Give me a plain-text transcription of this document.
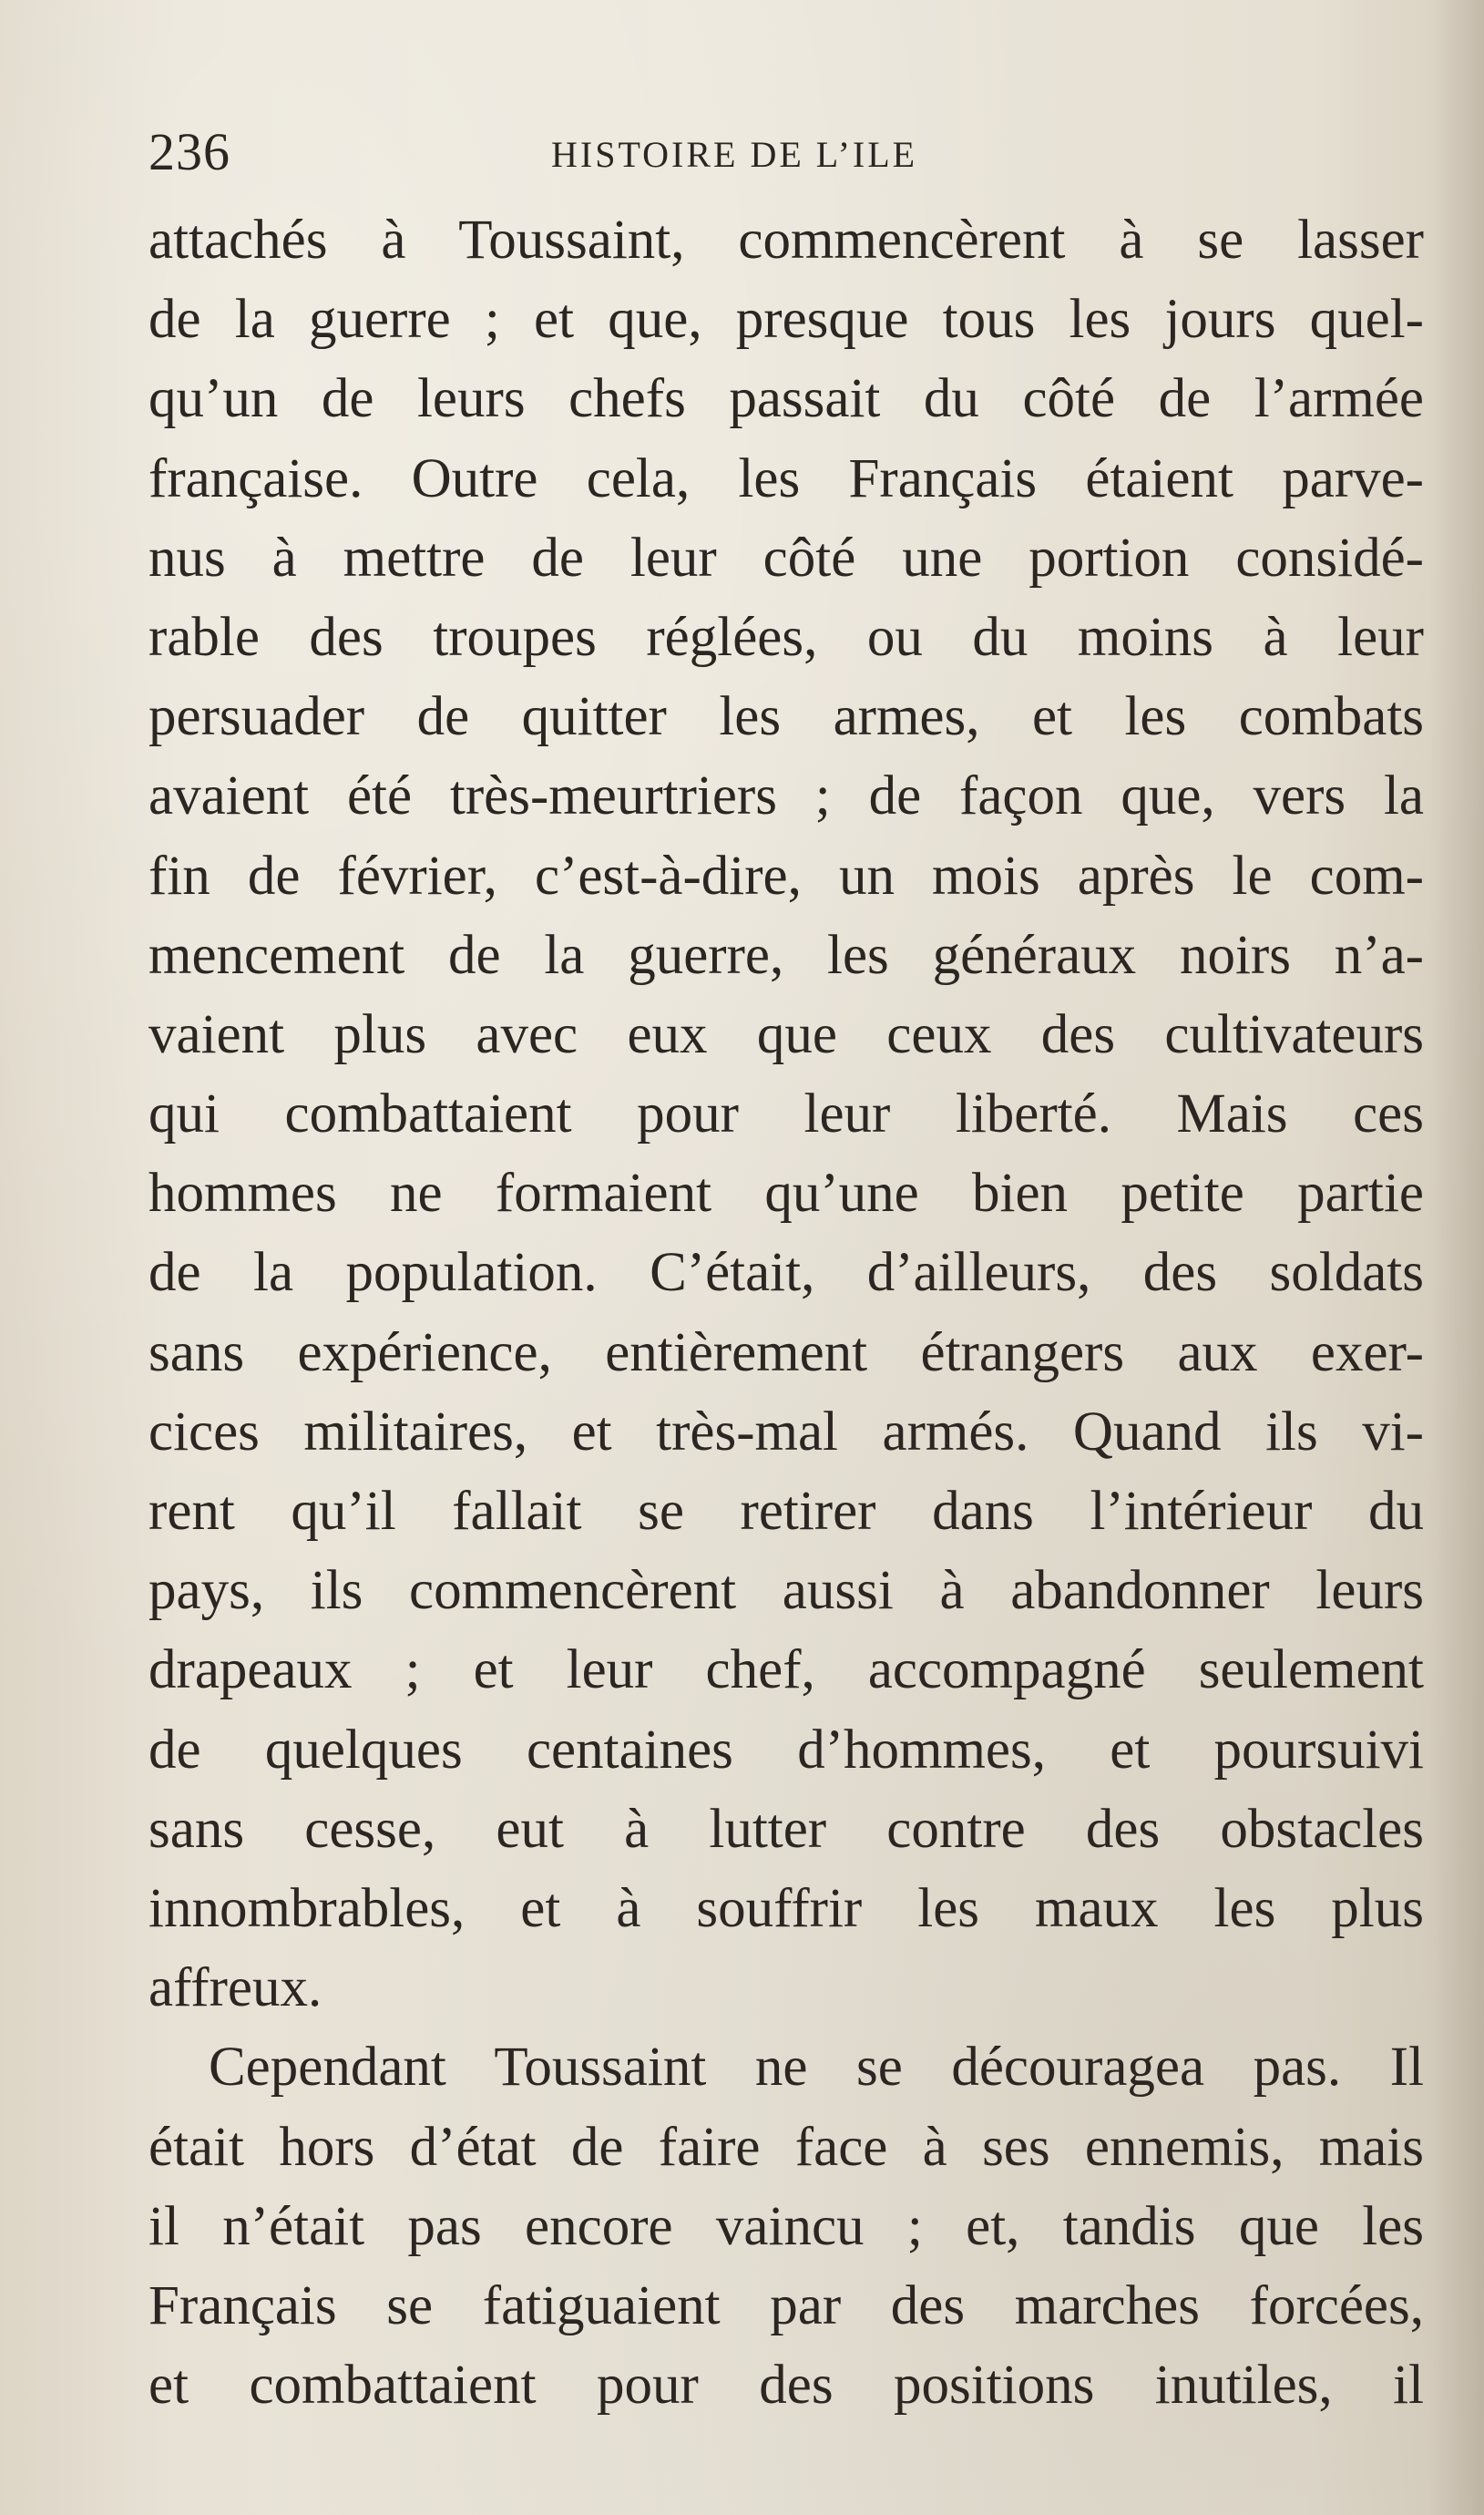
236	HISTOIRE DE L’ILE
attachés à Toussaint, commencèrent à se lasser
de la guerre ; et que, presque tous les jours quel-
qu’un de leurs chefs passait du côté de l’armée
française. Outre cela, les Français étaient parve-
nus à mettre de leur côté une portion considé-
rable des troupes réglées, ou du moins à leur
persuader de quitter les armes, et les combats
avaient été très-meurtriers ; de façon que, vers la
fin de février, c’est-à-dire, un mois après le com-
mencement de la guerre, les généraux noirs n’a-
vaient plus avec eux que ceux des cultivateurs
qui combattaient pour leur liberté. Mais ces
hommes ne formaient qu’une bien petite partie
de la population. C’était, d’ailleurs, des soldats
sans expérience, entièrement étrangers aux exer-
cices militaires, et très-mal armés. Quand ils vi-
rent qu’il fallait se retirer dans l’intérieur du
pays, ils commencèrent aussi à abandonner leurs
drapeaux ; et leur chef, accompagné seulement
de quelques centaines d’hommes, et poursuivi
sans cesse, eut à lutter contre des obstacles
innombrables, et à souffrir les maux les plus
affreux.
Cependant Toussaint ne se découragea pas. Il
était hors d’état de faire face à ses ennemis, mais
il n’était pas encore vaincu ; et, tandis que les
Français se fatiguaient par des marches forcées,
et combattaient pour des positions inutiles, il
